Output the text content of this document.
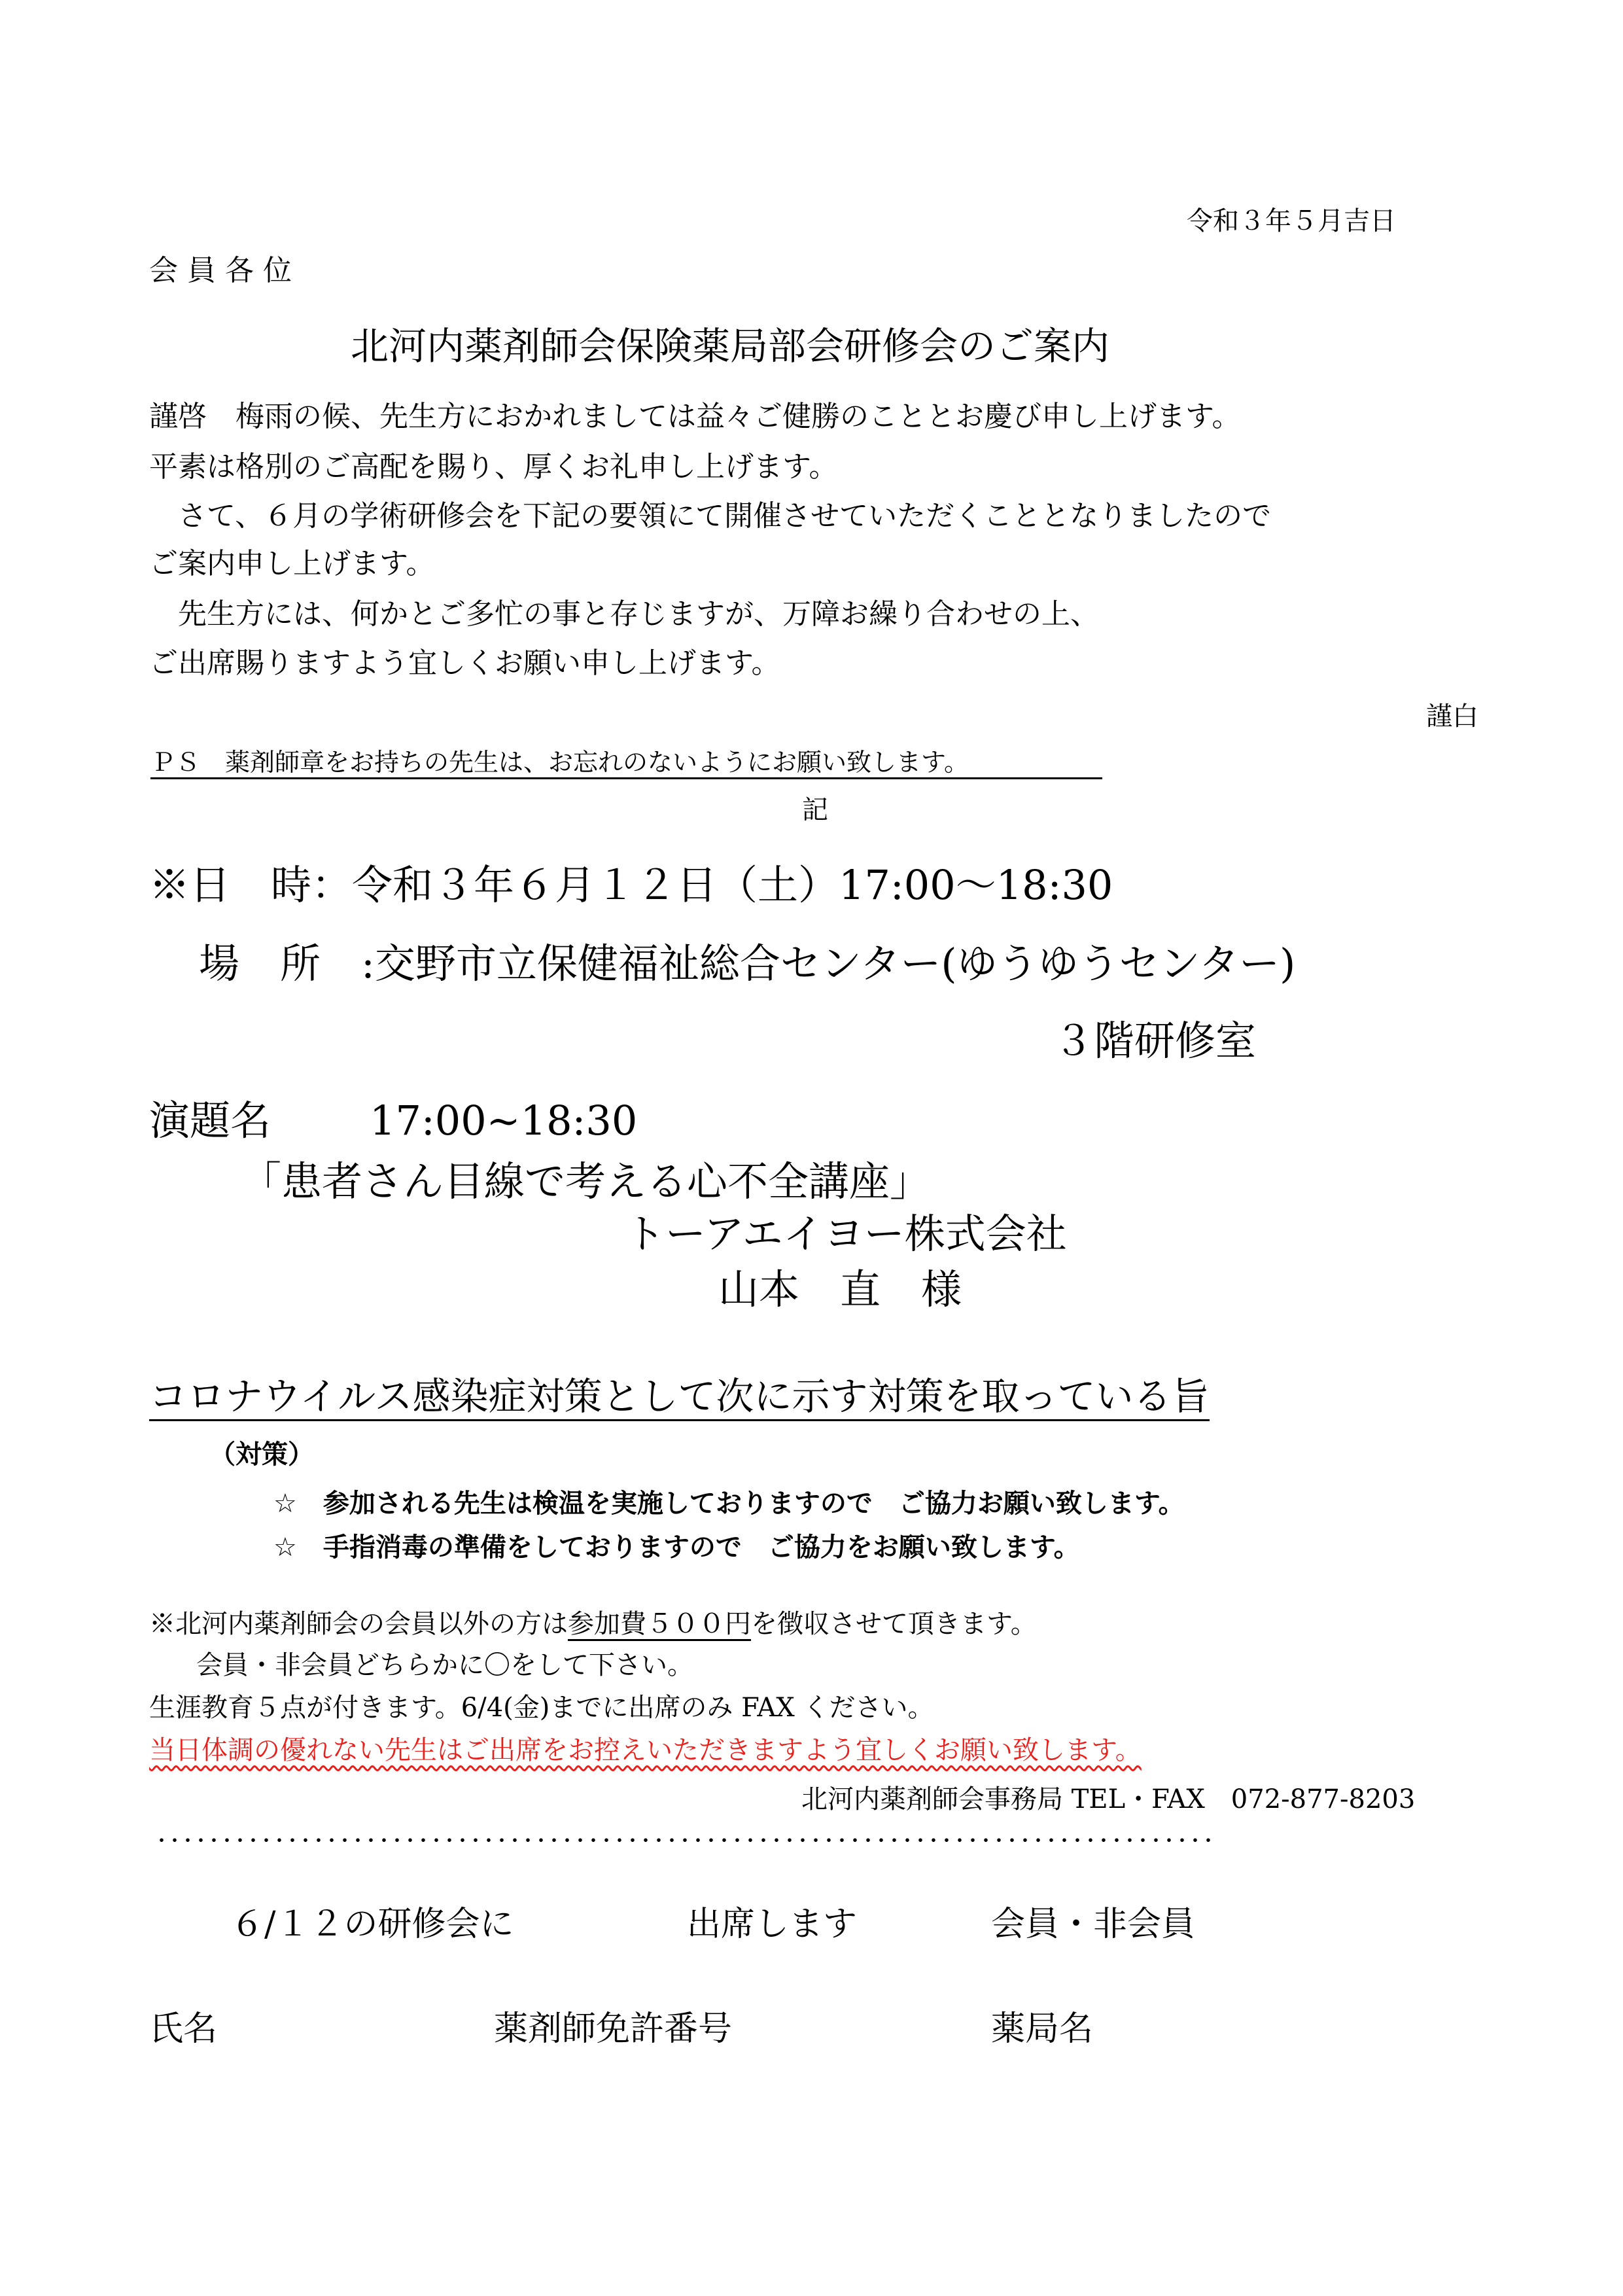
令和３年５月吉日
会 員 各 位
北河内薬剤師会保険薬局部会研修会のご案内
謹啓　梅雨の候、先生方におかれましては益々ご健勝のこととお慶び申し上げます。
平素は格別のご高配を賜り、厚くお礼申し上げます。
　さて、６月の学術研修会を下記の要領にて開催させていただくこととなりましたので
ご案内申し上げます。
　先生方には、何かとご多忙の事と存じますが、万障お繰り合わせの上、
ご出席賜りますよう宜しくお願い申し上げます。
謹白
ＰＳ　薬剤師章をお持ちの先生は、お忘れのないようにお願い致します。
記
※日　時：令和３年６月１２日（土）17:00～18:30
場　所　:交野市立保健福祉総合センター(ゆうゆうセンター)
３階研修室
演題名 17:00~18:30
「患者さん目線で考える心不全講座」
トーアエイヨー株式会社
山本　直　様
コロナウイルス感染症対策として次に示す対策を取っている旨
（対策）
☆　参加される先生は検温を実施しておりますので　ご協力お願い致します。
☆　手指消毒の準備をしておりますので　ご協力をお願い致します。
※北河内薬剤師会の会員以外の方は参加費５００円を徴収させて頂きます。
会員・非会員どちらかに〇をして下さい。
生涯教育５点が付きます。6/4(金)までに出席のみ FAX ください。
当日体調の優れない先生はご出席をお控えいただきますよう宜しくお願い致します。
北河内薬剤師会事務局 TEL・FAX　072-877-8203
・・・・・・・・・・・・・・・・・・・・・・・・・・・・・・・・・・・・・・・・・・・・・・・・・・・・・・・・・・・・・・・・・・・・・・・・・・・・・・・・・
６/１２の研修会に	出席します	会員・非会員
氏名	薬剤師免許番号	薬局名
